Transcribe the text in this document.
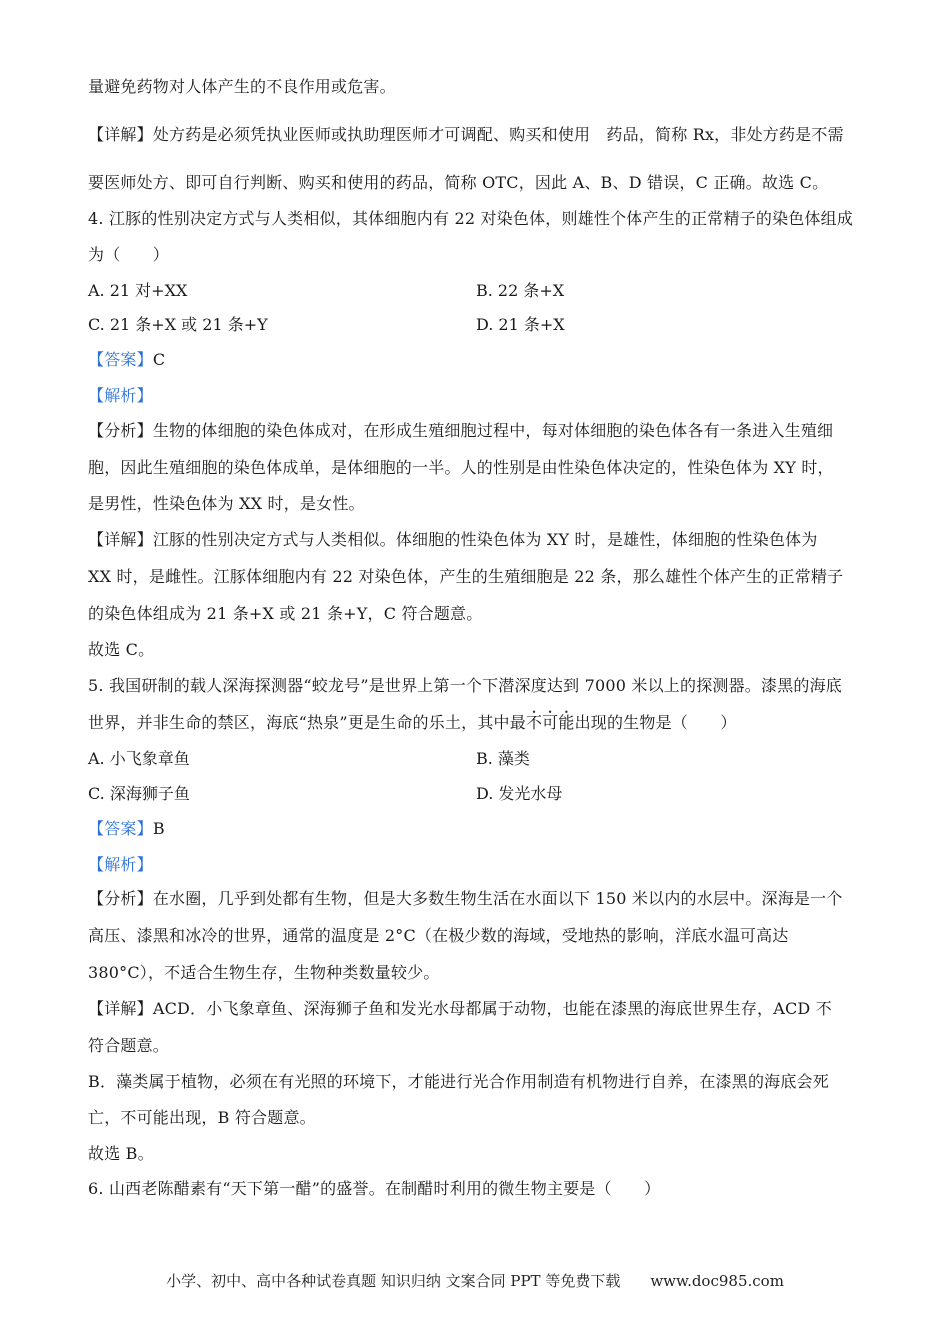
量避免药物对人体产生的不良作用或危害。
【详解】处方药是必须凭执业医师或执助理医师才可调配、购买和使用　药品，简称 Rx，非处方药是不需
要医师处方、即可自行判断、购买和使用的药品，简称 OTC，因此 A、B、D 错误，C 正确。故选 C。
4. 江豚的性别决定方式与人类相似，其体细胞内有 22 对染色体，则雄性个体产生的正常精子的染色体组成
为（　　）
A. 21 对+XX	B. 22 条+X
C. 21 条+X 或 21 条+Y	D. 21 条+X
【答案】C
【解析】
【分析】生物的体细胞的染色体成对，在形成生殖细胞过程中，每对体细胞的染色体各有一条进入生殖细
胞，因此生殖细胞的染色体成单，是体细胞的一半。人的性别是由性染色体决定的，性染色体为 XY 时，
是男性，性染色体为 XX 时，是女性。
【详解】江豚的性别决定方式与人类相似。体细胞的性染色体为 XY 时，是雄性，体细胞的性染色体为
XX 时，是雌性。江豚体细胞内有 22 对染色体，产生的生殖细胞是 22 条，那么雄性个体产生的正常精子
的染色体组成为 21 条+X 或 21 条+Y，C 符合题意。
故选 C。
5. 我国研制的载人深海探测器“蛟龙号”是世界上第一个下潜深度达到 7000 米以上的探测器。漆黑的海底
世界，并非生命的禁区，海底“热泉”更是生命的乐土，其中最不可能出现的生物是（　　）
A. 小飞象章鱼	B. 藻类
C. 深海狮子鱼	D. 发光水母
【答案】B
【解析】
【分析】在水圈，几乎到处都有生物，但是大多数生物生活在水面以下 150 米以内的水层中。深海是一个
高压、漆黑和冰冷的世界，通常的温度是 2°C（在极少数的海域，受地热的影响，洋底水温可高达
380°C），不适合生物生存，生物种类数量较少。
【详解】ACD．小飞象章鱼、深海狮子鱼和发光水母都属于动物，也能在漆黑的海底世界生存，ACD 不
符合题意。
B．藻类属于植物，必须在有光照的环境下，才能进行光合作用制造有机物进行自养，在漆黑的海底会死
亡，不可能出现，B 符合题意。
故选 B。
6. 山西老陈醋素有“天下第一醋”的盛誉。在制醋时利用的微生物主要是（　　）
小学、初中、高中各种试卷真题 知识归纳 文案合同 PPT 等免费下载　　www.doc985.com
